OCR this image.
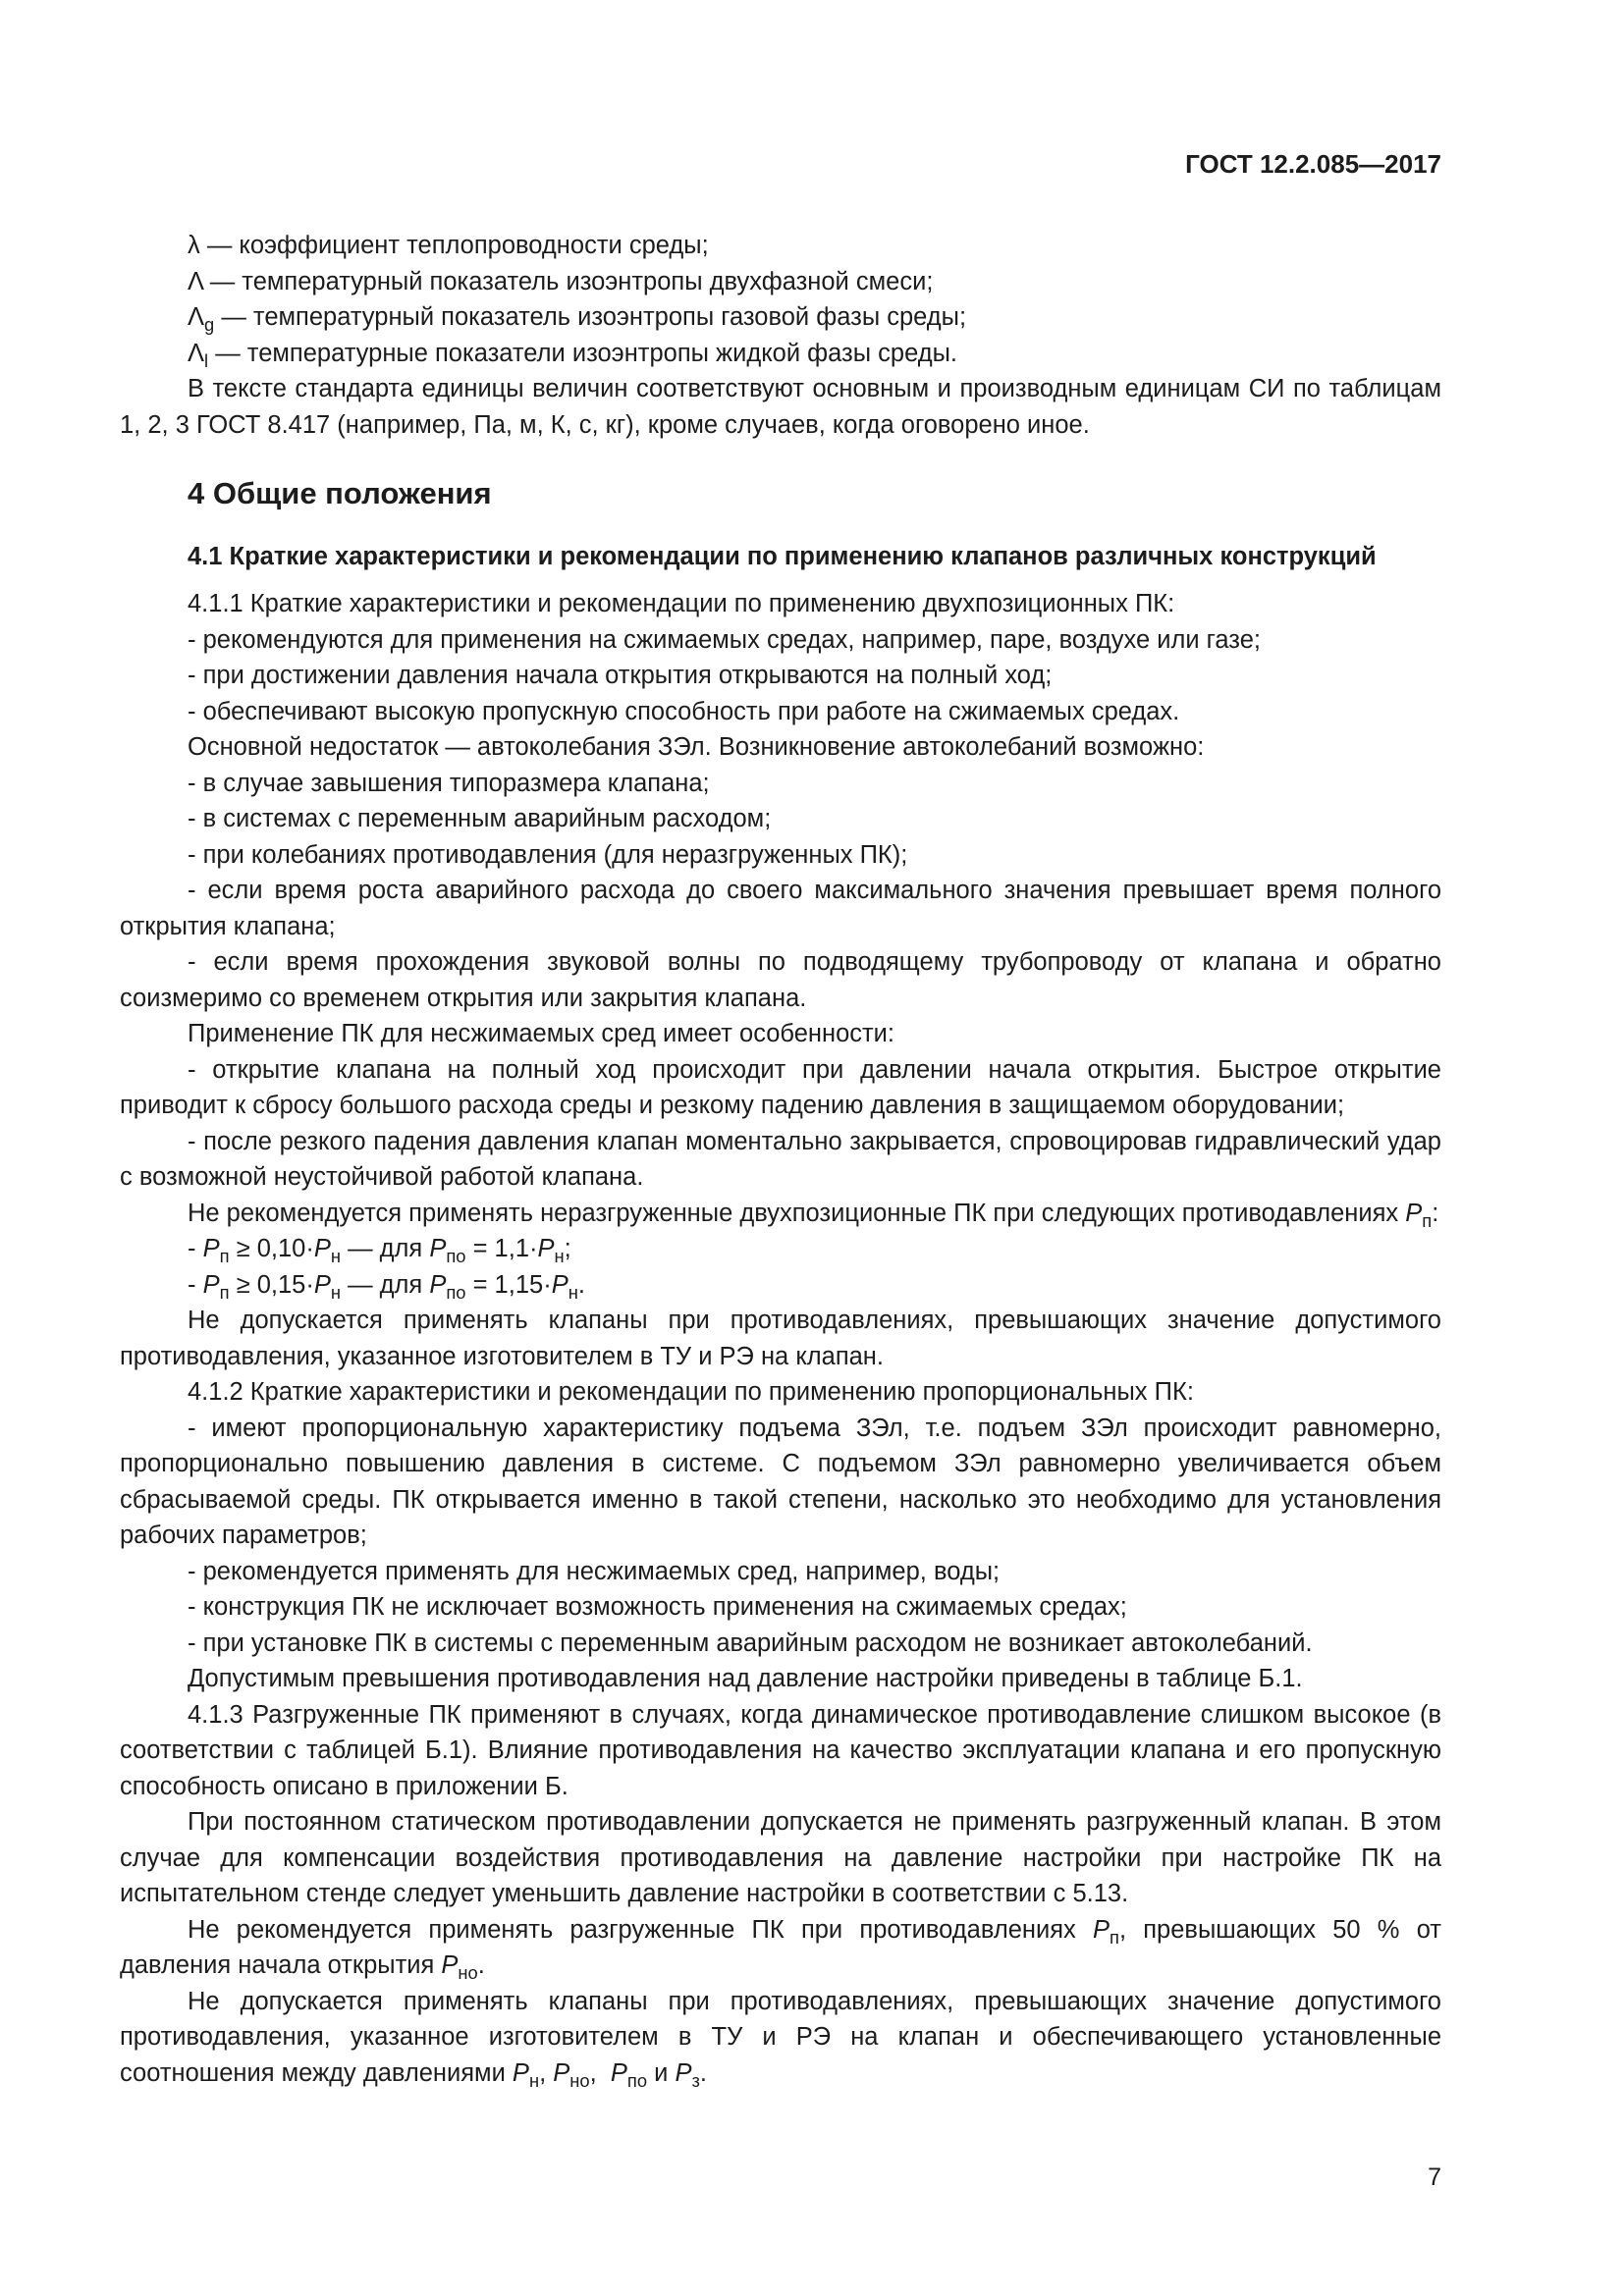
ГОСТ 12.2.085—2017

λ — коэффициент теплопроводности среды;

Λ — температурный показатель изоэнтропы двухфазной смеси;

$\Lambda_g$ — температурный показатель изоэнтропы газовой фазы среды;

$\Lambda_l$ — температурные показатели изоэнтропы жидкой фазы среды.

В тексте стандарта единицы величин соответствуют основным и производным единицам СИ по таблицам 1, 2, 3 ГОСТ 8.417 (например, Па, м, К, с, кг), кроме случаев, когда оговорено иное.

4 Общие положения

4.1 Краткие характеристики и рекомендации по применению клапанов различных конструкций

4.1.1 Краткие характеристики и рекомендации по применению двухпозиционных ПК:

- рекомендуются для применения на сжимаемых средах, например, паре, воздухе или газе;

- при достижении давления начала открытия открываются на полный ход;

- обеспечивают высокую пропускную способность при работе на сжимаемых средах.

Основной недостаток — автоколебания ЗЭл. Возникновение автоколебаний возможно:

- в случае завышения типоразмера клапана;

- в системах с переменным аварийным расходом;

- при колебаниях противодавления (для неразгруженных ПК);

- если время роста аварийного расхода до своего максимального значения превышает время полного открытия клапана;

- если время прохождения звуковой волны по подводящему трубопроводу от клапана и обратно соизмеримо со временем открытия или закрытия клапана.

Применение ПК для несжимаемых сред имеет особенности:

- открытие клапана на полный ход происходит при давлении начала открытия. Быстрое открытие приводит к сбросу большого расхода среды и резкому падению давления в защищаемом оборудовании;

- после резкого падения давления клапан моментально закрывается, спровоцировав гидравлический удар с возможной неустойчивой работой клапана.

Не рекомендуется применять неразгруженные двухпозиционные ПК при следующих противодавлениях $P_п$:

- $P_п \ge 0,10\cdot P_н$ — для $P_{по} = 1,1\cdot P_н$;

- $P_п \ge 0,15\cdot P_н$ — для $P_{по} = 1,15\cdot P_н$.

Не допускается применять клапаны при противодавлениях, превышающих значение допустимого противодавления, указанное изготовителем в ТУ и РЭ на клапан.

4.1.2 Краткие характеристики и рекомендации по применению пропорциональных ПК:

- имеют пропорциональную характеристику подъема ЗЭл, т.е. подъем ЗЭл происходит равномерно, пропорционально повышению давления в системе. С подъемом ЗЭл равномерно увеличивается объем сбрасываемой среды. ПК открывается именно в такой степени, насколько это необходимо для установления рабочих параметров;

- рекомендуется применять для несжимаемых сред, например, воды;

- конструкция ПК не исключает возможность применения на сжимаемых средах;

- при установке ПК в системы с переменным аварийным расходом не возникает автоколебаний.

Допустимым превышения противодавления над давление настройки приведены в таблице Б.1.

4.1.3 Разгруженные ПК применяют в случаях, когда динамическое противодавление слишком высокое (в соответствии с таблицей Б.1). Влияние противодавления на качество эксплуатации клапана и его пропускную способность описано в приложении Б.

При постоянном статическом противодавлении допускается не применять разгруженный клапан. В этом случае для компенсации воздействия противодавления на давление настройки при настройке ПК на испытательном стенде следует уменьшить давление настройки в соответствии с 5.13.

Не рекомендуется применять разгруженные ПК при противодавлениях $P_п$, превышающих 50 % от давления начала открытия $P_{но}$.

Не допускается применять клапаны при противодавлениях, превышающих значение допустимого противодавления, указанное изготовителем в ТУ и РЭ на клапан и обеспечивающего установленные соотношения между давлениями $P_н$, $P_{но}$,  $P_{по}$ и $P_з$.

7
